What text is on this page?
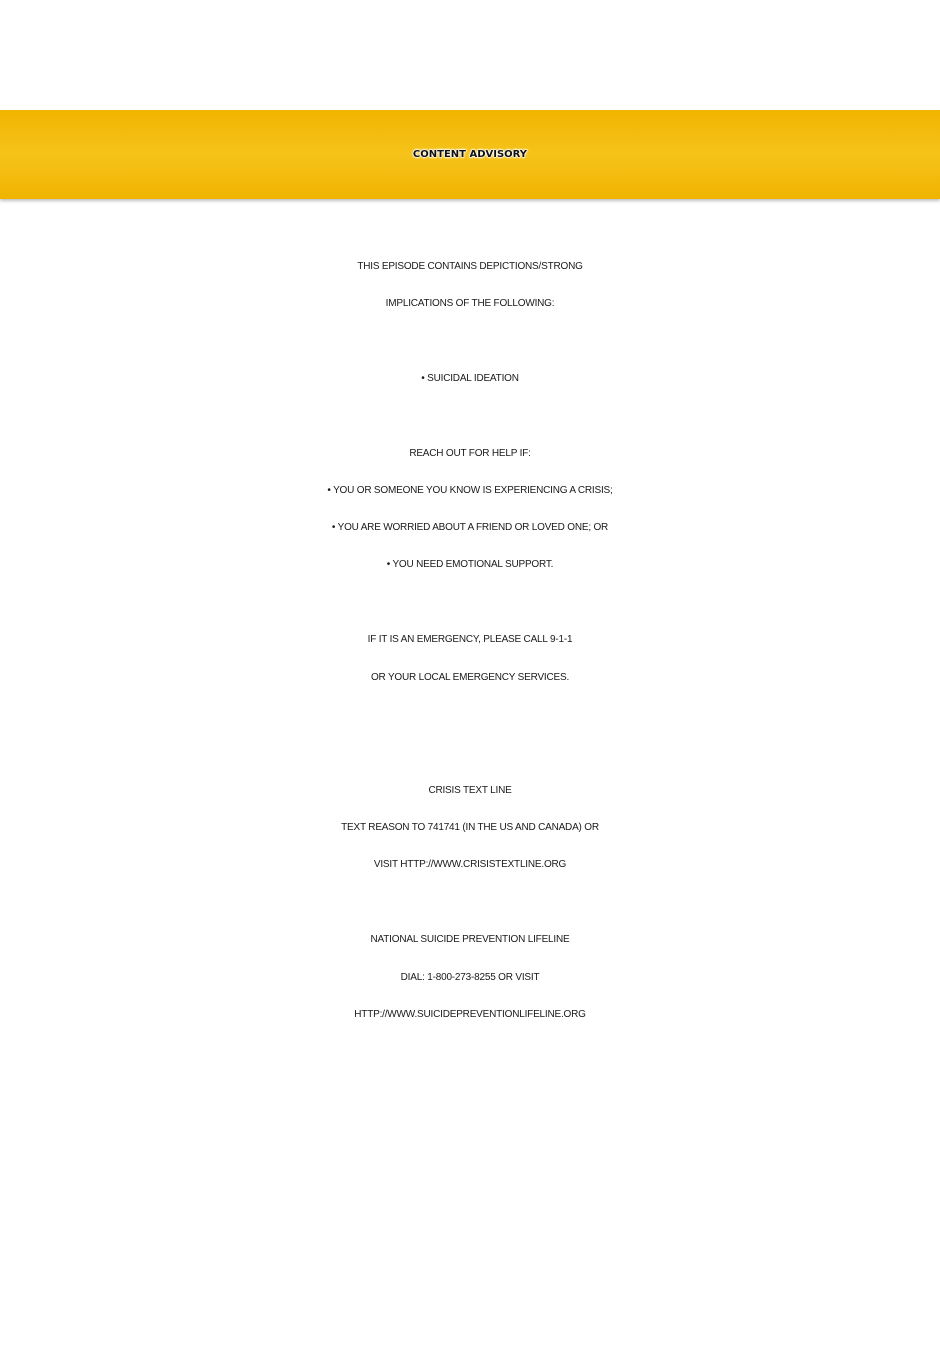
CONTENT ADVISORY
THIS EPISODE CONTAINS DEPICTIONS/STRONG
IMPLICATIONS OF THE FOLLOWING:
• SUICIDAL IDEATION
REACH OUT FOR HELP IF:
• YOU OR SOMEONE YOU KNOW IS EXPERIENCING A CRISIS;
• YOU ARE WORRIED ABOUT A FRIEND OR LOVED ONE; OR
• YOU NEED EMOTIONAL SUPPORT.
IF IT IS AN EMERGENCY, PLEASE CALL 9-1-1
OR YOUR LOCAL EMERGENCY SERVICES.
CRISIS TEXT LINE
TEXT REASON TO 741741 (IN THE US AND CANADA) OR
VISIT HTTP://WWW.CRISISTEXTLINE.ORG
NATIONAL SUICIDE PREVENTION LIFELINE
DIAL: 1-800-273-8255 OR VISIT
HTTP://WWW.SUICIDEPREVENTIONLIFELINE.ORG
